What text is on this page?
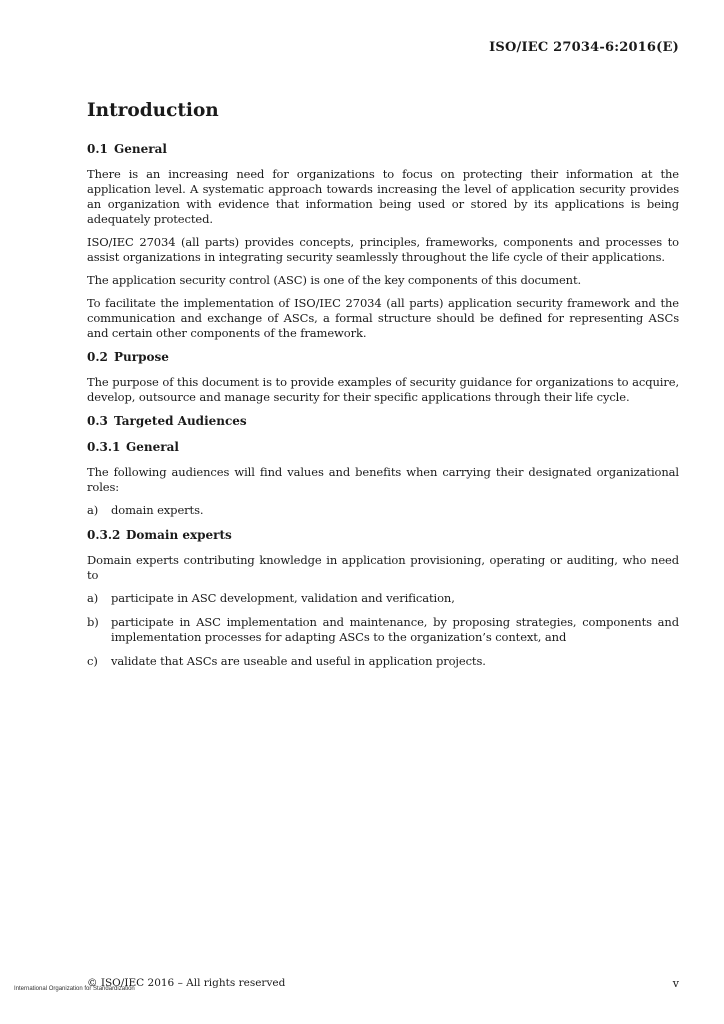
ISO/IEC 27034-6:2016(E)
Introduction
0.1 General

There is an increasing need for organizations to focus on protecting their information at the application level. A systematic approach towards increasing the level of application security provides an organization with evidence that information being used or stored by its applications is being adequately protected.

ISO/IEC 27034 (all parts) provides concepts, principles, frameworks, components and processes to assist organizations in integrating security seamlessly throughout the life cycle of their applications.

The application security control (ASC) is one of the key components of this document.

To facilitate the implementation of ISO/IEC 27034 (all parts) application security framework and the communication and exchange of ASCs, a formal structure should be defined for representing ASCs and certain other components of the framework.

0.2 Purpose

The purpose of this document is to provide examples of security guidance for organizations to acquire, develop, outsource and manage security for their specific applications through their life cycle.

0.3 Targeted Audiences
0.3.1 General

The following audiences will find values and benefits when carrying their designated organizational roles:

a) domain experts.
0.3.2 Domain experts

Domain experts contributing knowledge in application provisioning, operating or auditing, who need to

a) participate in ASC development, validation and verification,
b) participate in ASC implementation and maintenance, by proposing strategies, components and implementation processes for adapting ASCs to the organization’s context, and
c) validate that ASCs are useable and useful in application projects.
International Organization for Standardization
© ISO/IEC 2016 – All rights reserved	v
